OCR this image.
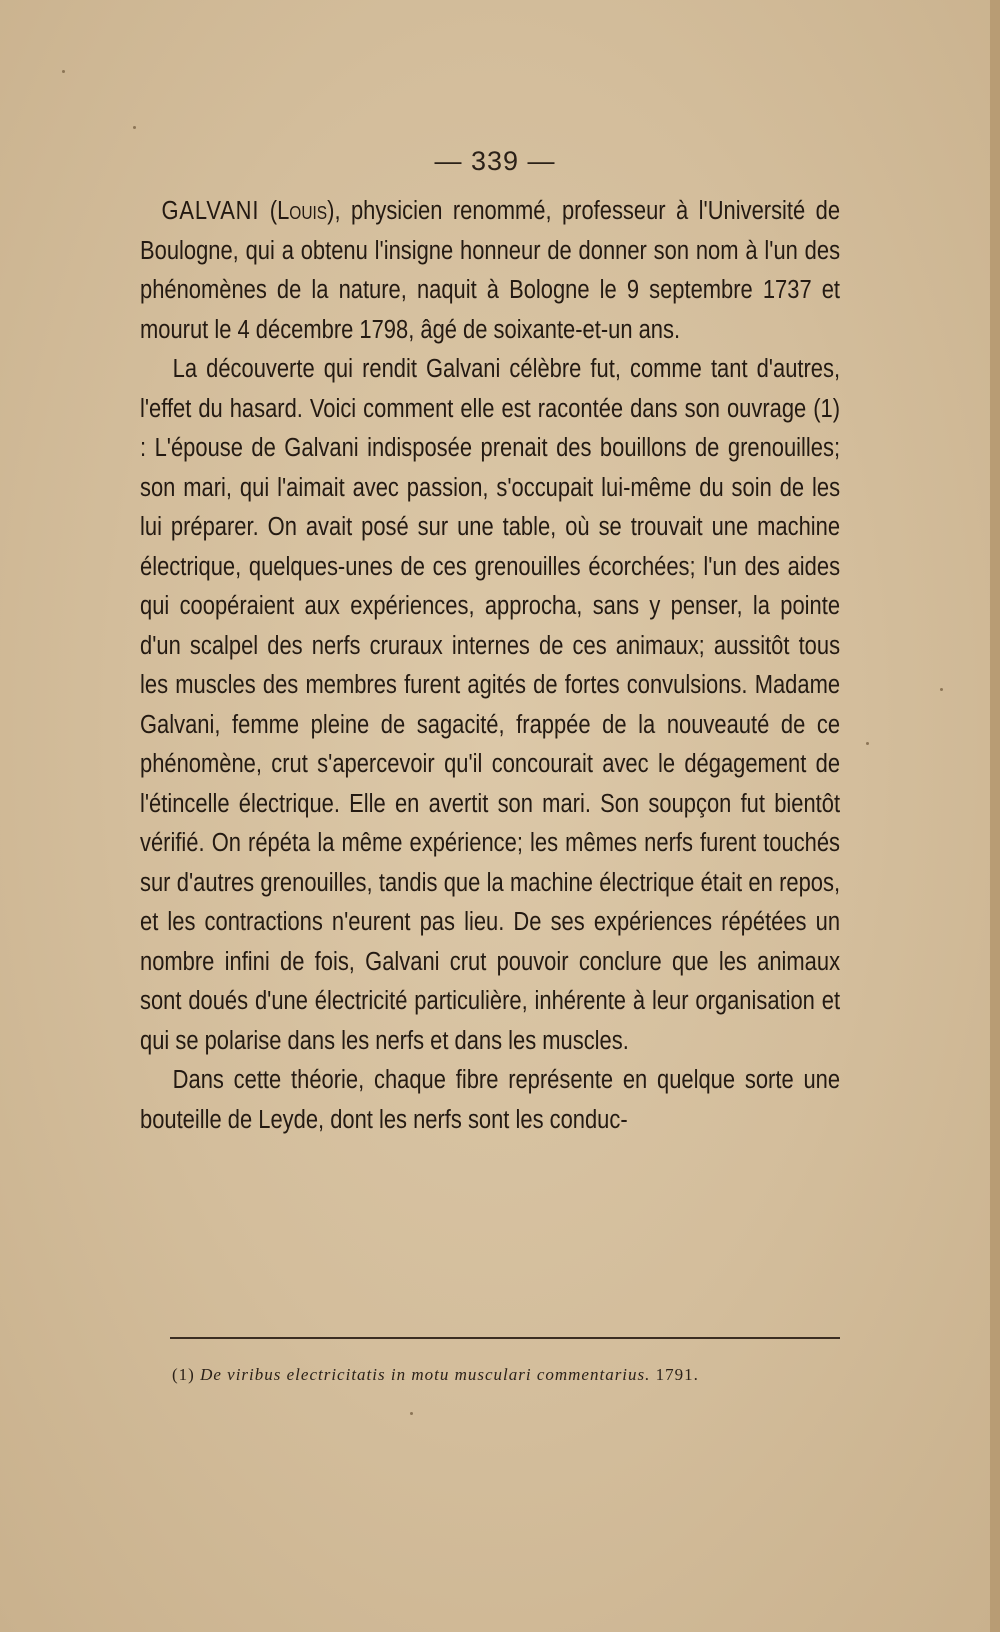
— 339 —

GALVANI (Louis), physicien renommé, professeur à l'Université de Boulogne, qui a obtenu l'insigne honneur de donner son nom à l'un des phénomènes de la nature, naquit à Bologne le 9 septembre 1737 et mourut le 4 décembre 1798, âgé de soixante-et-un ans.

La découverte qui rendit Galvani célèbre fut, comme tant d'autres, l'effet du hasard. Voici comment elle est racontée dans son ouvrage (1) : L'épouse de Galvani indisposée prenait des bouillons de grenouilles; son mari, qui l'aimait avec passion, s'occupait lui-même du soin de les lui préparer. On avait posé sur une table, où se trouvait une machine électrique, quelques-unes de ces grenouilles écorchées; l'un des aides qui coopéraient aux expériences, approcha, sans y penser, la pointe d'un scalpel des nerfs cruraux internes de ces animaux; aussitôt tous les muscles des membres furent agités de fortes convulsions. Madame Galvani, femme pleine de sagacité, frappée de la nouveauté de ce phénomène, crut s'apercevoir qu'il concourait avec le dégagement de l'étincelle électrique. Elle en avertit son mari. Son soupçon fut bientôt vérifié. On répéta la même expérience; les mêmes nerfs furent touchés sur d'autres grenouilles, tandis que la machine électrique était en repos, et les contractions n'eurent pas lieu. De ses expériences répétées un nombre infini de fois, Galvani crut pouvoir conclure que les animaux sont doués d'une électricité particulière, inhérente à leur organisation et qui se polarise dans les nerfs et dans les muscles.

Dans cette théorie, chaque fibre représente en quelque sorte une bouteille de Leyde, dont les nerfs sont les conduc-

(1) De viribus electricitatis in motu musculari commentarius. 1791.
